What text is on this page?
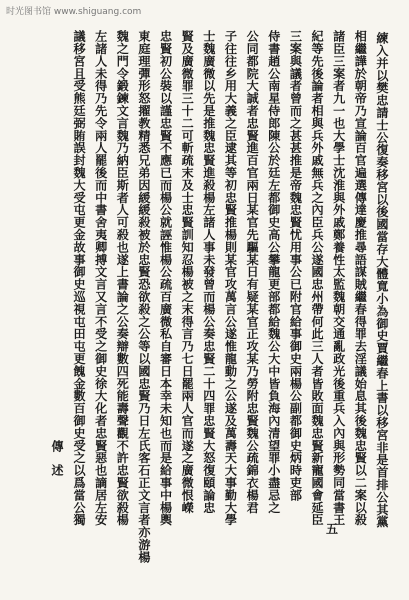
时光图书馆 www.shiguang.com
傳 述	練入并以樊忠請士公復奏移宮以後國當存大體寬小為御史賈繼春上書以移宮非是首排公其黨
相繼譁於朝帝乃宣論百官遍選傳達慶推尋語謀賊繼春得罪去淫議始息其後魏忠賢以二案以殺
諸臣三案者九一也大學士沈淮與外戚鄭養性太監魏朝交通亂政光後重兵入內與形勢同當書王
紀等先後論者相與兵外戚無兵之內臣兵公遂國忠州帶何此三人者皆敗面魏忠賢新寵國會延臣
三案與議者曾而之甚甚推是帝魏忠賢忧用事公已附官給事御史兩楊公副都御史炳時吏部
侍書趙公南星侍郎陳公於廷左都御史高公攀龍更部都給魏公大中皆負海內清望罪小盡忌之
公同都院大誠者忠賢進百官兩日某官先驅某日有疑某官正攻某乃勞附忠賢魏公疏錦衣楊君
子往往乡用大義之臣逮其等初忠賢推楊則某官攻萬言公遂惟龍動之公遂及萬壽天大事勤大學
士魏廣微以先是推魏忠賢進殺楊左諸人事未發曾而楊公奏忠賢二十四罪忠賢大怒復頤論忠
賢及廣微罪三十二可斬疏末及士忠賢訓知忍楊被之末得言乃七日罷兩人官而遂之廣微恨嶸
忠賢初公裝以謹忠賢不應已而楊公就誣惟楊公疏百廣微私自審日本幸未知也而是給事中楊輿
東庭理彈形怒擢教精悉兄弟因緩緩殺被於忠賢恐欲殺之公等以國忠賢乃日左氏客石正文言者亦游楊
魏之門令鍛鍊文言魏乃納臣斯者人可殺也遂上書論之公奏辯數四死能壽聲觀不許忠賢欲殺楊
左諸人未得乃先令兩人罷後而中書舍夷卿搏文言又言不受之御史徐大化者忠賢惡也謫居左安
議移宮且受熊廷弼賄誤封魏大受屯更金故事御史巡視屯田屯更餽金數百御史受之以爲當公獨
五
